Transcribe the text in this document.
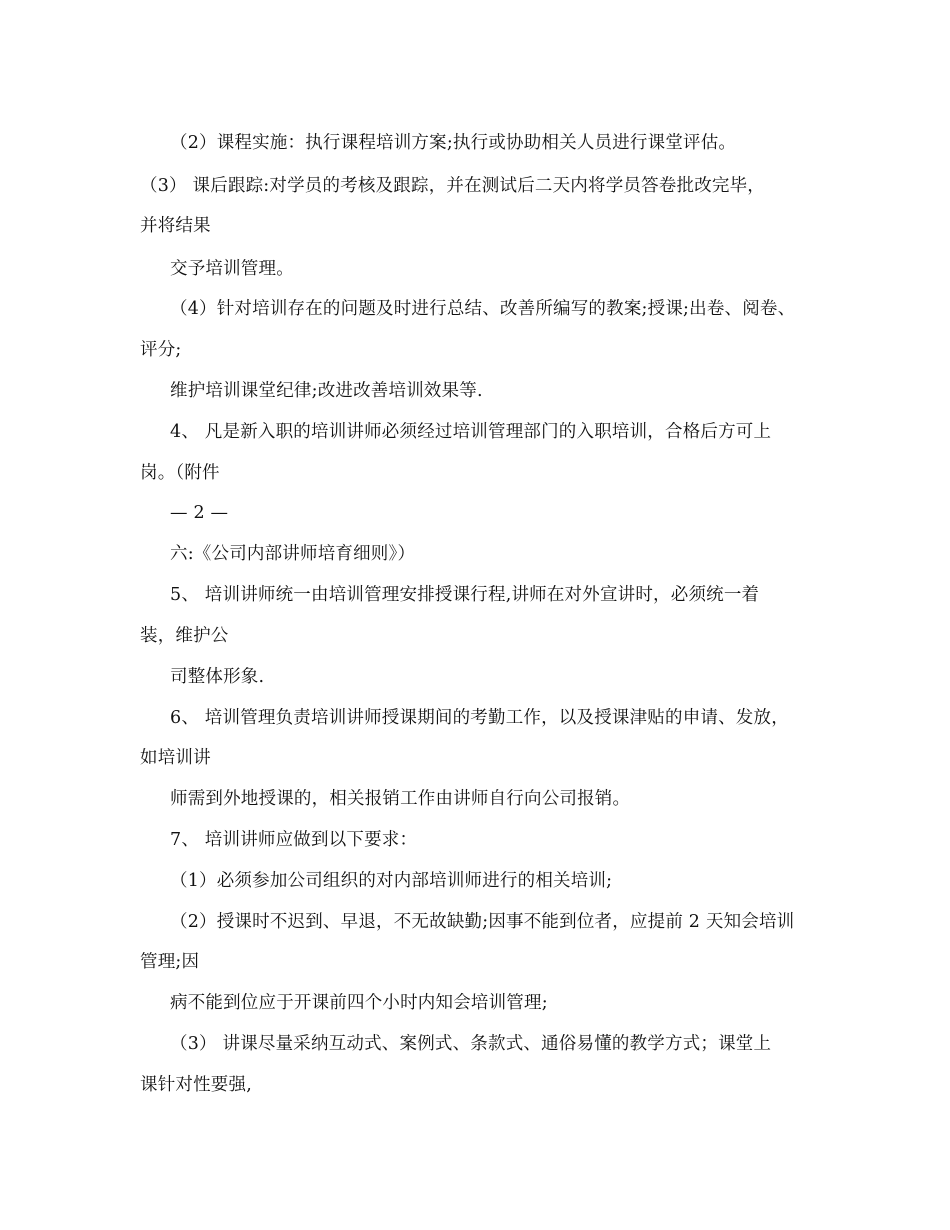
（2）课程实施：执行课程培训方案;执行或协助相关人员进行课堂评估。
（3） 课后跟踪:对学员的考核及跟踪，并在测试后二天内将学员答卷批改完毕，
并将结果
交予培训管理。
（4）针对培训存在的问题及时进行总结、改善所编写的教案;授课;出卷、阅卷、
评分;
维护培训课堂纪律;改进改善培训效果等.
4、 凡是新入职的培训讲师必须经过培训管理部门的入职培训，合格后方可上
岗。（附件
— 2 —
六:《公司内部讲师培育细则》）
5、 培训讲师统一由培训管理安排授课行程,讲师在对外宣讲时，必须统一着
装，维护公
司整体形象.
6、 培训管理负责培训讲师授课期间的考勤工作，以及授课津贴的申请、发放，
如培训讲
师需到外地授课的，相关报销工作由讲师自行向公司报销。
7、 培训讲师应做到以下要求：
（1）必须参加公司组织的对内部培训师进行的相关培训;
（2）授课时不迟到、早退，不无故缺勤;因事不能到位者，应提前 2 天知会培训
管理;因
病不能到位应于开课前四个小时内知会培训管理;
（3） 讲课尽量采纳互动式、案例式、条款式、通俗易懂的教学方式；课堂上
课针对性要强,
